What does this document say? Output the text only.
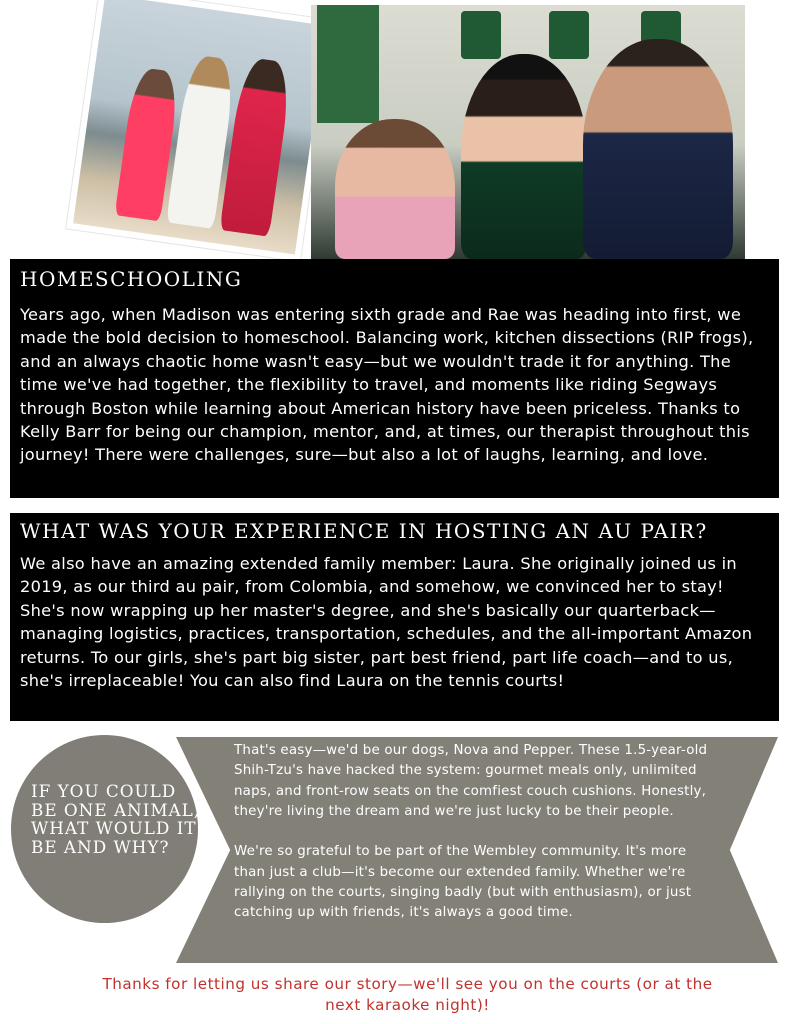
HOMESCHOOLING
Years ago, when Madison was entering sixth grade and Rae was heading into first, we made the bold decision to homeschool. Balancing work, kitchen dissections (RIP frogs), and an always chaotic home wasn't easy—but we wouldn't trade it for anything. The time we've had together, the flexibility to travel, and moments like riding Segways through Boston while learning about American history have been priceless. Thanks to Kelly Barr for being our champion, mentor, and, at times, our therapist throughout this journey! There were challenges, sure—but also a lot of laughs, learning, and love.
WHAT WAS YOUR EXPERIENCE IN HOSTING AN AU PAIR?
We also have an amazing extended family member: Laura. She originally joined us in 2019, as our third au pair, from Colombia, and somehow, we convinced her to stay! She's now wrapping up her master's degree, and she's basically our quarterback—managing logistics, practices, transportation, schedules, and the all-important Amazon returns. To our girls, she's part big sister, part best friend, part life coach—and to us, she's irreplaceable! You can also find Laura on the tennis courts!

That's easy—we'd be our dogs, Nova and Pepper. These 1.5-year-old Shih-Tzu's have hacked the system: gourmet meals only, unlimited naps, and front-row seats on the comfiest couch cushions. Honestly, they're living the dream and we're just lucky to be their people.

We're so grateful to be part of the Wembley community. It's more than just a club—it's become our extended family. Whether we're rallying on the courts, singing badly (but with enthusiasm), or just catching up with friends, it's always a good time.

IF YOU COULD BE ONE ANIMAL, WHAT WOULD IT BE AND WHY?

Thanks for letting us share our story—we'll see you on the courts (or at the next karaoke night)!
